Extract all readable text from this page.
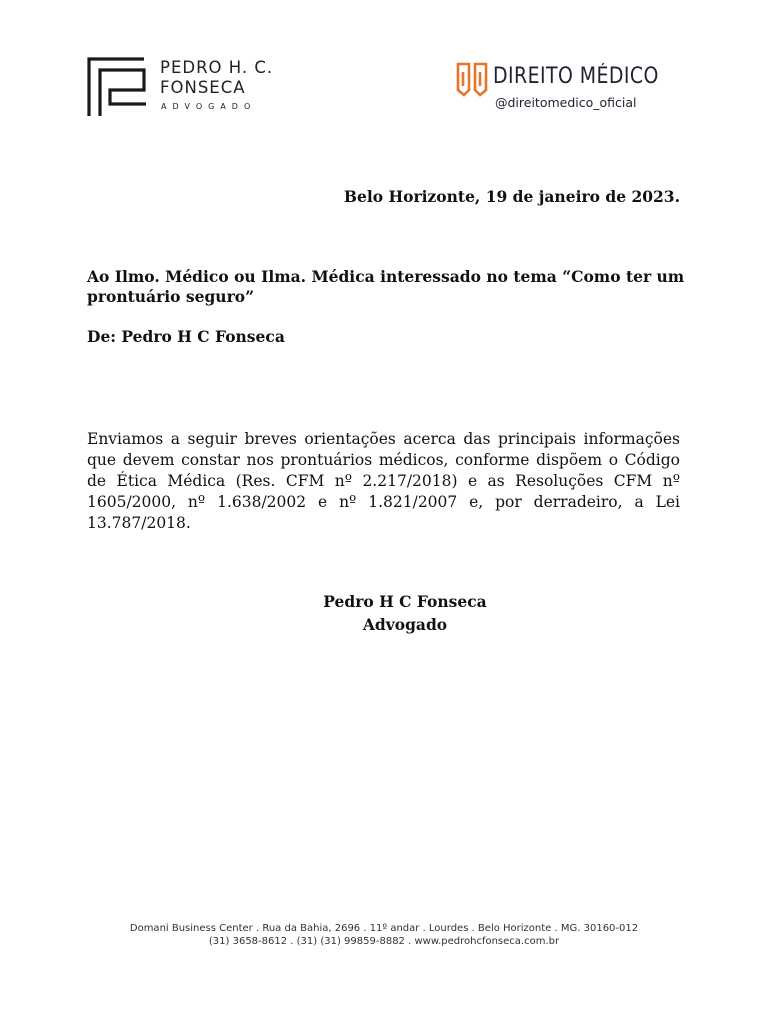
PEDRO H. C.
FONSECA
ADVOGADO
DIREITO MÉDICO
@direitomedico_oficial
Belo Horizonte, 19 de janeiro de 2023.
Ao Ilmo. Médico ou Ilma. Médica interessado no tema “Como ter um prontuário seguro”
De: Pedro H C Fonseca
Enviamos a seguir breves orientações acerca das principais informações que devem constar nos prontuários médicos, conforme dispõem o Código de Ética Médica (Res. CFM nº 2.217/2018) e as Resoluções CFM nº 1605/2000, nº 1.638/2002 e nº 1.821/2007 e, por derradeiro, a Lei 13.787/2018.
Pedro H C Fonseca
Advogado
Domani Business Center . Rua da Bahia, 2696 . 11º andar . Lourdes . Belo Horizonte . MG. 30160-012
(31) 3658-8612 . (31) (31) 99859-8882 . www.pedrohcfonseca.com.br
